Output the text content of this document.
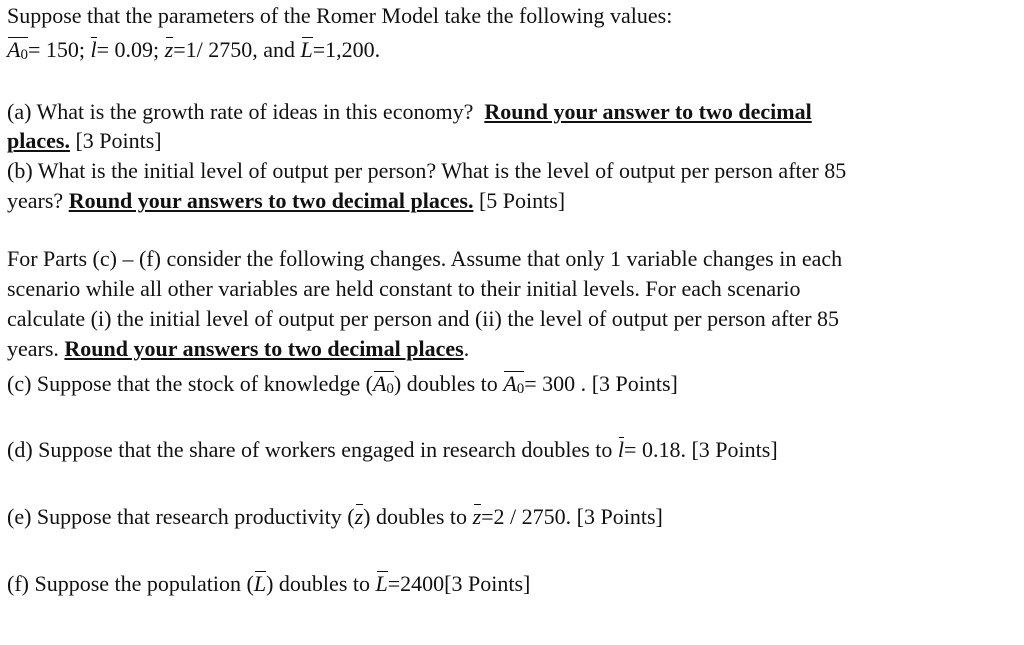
Suppose that the parameters of the Romer Model take the following values:
A0= 150; l= 0.09; z=1/ 2750, and L=1,200.
(a) What is the growth rate of ideas in this economy? Round your answer to two decimal
places. [3 Points]
(b) What is the initial level of output per person? What is the level of output per person after 85
years? Round your answers to two decimal places. [5 Points]
For Parts (c) – (f) consider the following changes. Assume that only 1 variable changes in each
scenario while all other variables are held constant to their initial levels. For each scenario
calculate (i) the initial level of output per person and (ii) the level of output per person after 85
years. Round your answers to two decimal places.
(c) Suppose that the stock of knowledge (A0) doubles to A0= 300 . [3 Points]
(d) Suppose that the share of workers engaged in research doubles to l= 0.18. [3 Points]
(e) Suppose that research productivity (z) doubles to z=2 / 2750. [3 Points]
(f) Suppose the population (L) doubles to L=2400[3 Points]
